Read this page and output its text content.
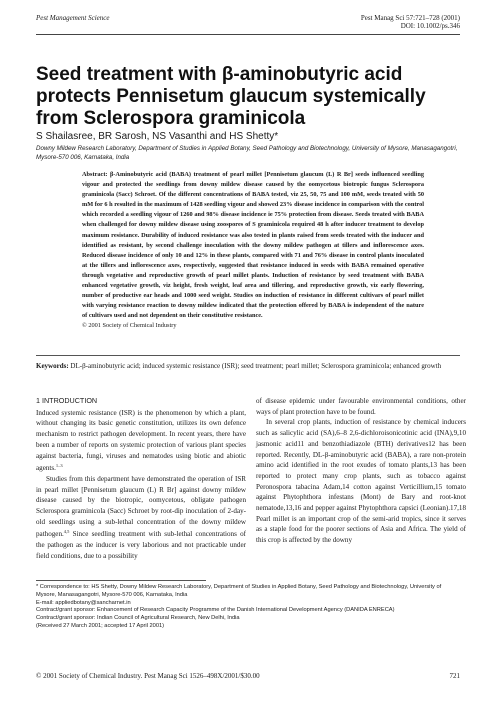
Pest Management Science	Pest Manag Sci 57:721–728 (2001)
DOI: 10.1002/ps.346
Seed treatment with β-aminobutyric acid protects Pennisetum glaucum systemically from Sclerospora graminicola
S Shailasree, BR Sarosh, NS Vasanthi and HS Shetty*
Downy Mildew Research Laboratory, Department of Studies in Applied Botany, Seed Pathology and Biotechnology, University of Mysore, Manasagangotri, Mysore-570 006, Karnataka, India
Abstract: β-Aminobutyric acid (BABA) treatment of pearl millet [Pennisetum glaucum (L) R Br] seeds influenced seedling vigour and protected the seedlings from downy mildew disease caused by the oomycetous biotropic fungus Sclerospora graminicola (Sacc) Schroet. Of the different concentrations of BABA tested, viz 25, 50, 75 and 100 mM, seeds treated with 50 mM for 6 h resulted in the maximum of 1428 seedling vigour and showed 23% disease incidence in comparison with the control which recorded a seedling vigour of 1260 and 98% disease incidence ie 75% protection from disease. Seeds treated with BABA when challenged for downy mildew disease using zoospores of S graminicola required 48 h after inducer treatment to develop maximum resistance. Durability of induced resistance was also tested in plants raised from seeds treated with the inducer and identified as resistant, by second challenge inoculation with the downy mildew pathogen at tillers and inflorescence axes. Reduced disease incidence of only 10 and 12% in these plants, compared with 71 and 76% disease in control plants inoculated at the tillers and inflorescence axes, respectively, suggested that resistance induced in seeds with BABA remained operative through vegetative and reproductive growth of pearl millet plants. Induction of resistance by seed treatment with BABA enhanced vegetative growth, viz height, fresh weight, leaf area and tillering, and reproductive growth, viz early flowering, number of productive ear heads and 1000 seed weight. Studies on induction of resistance in different cultivars of pearl millet with varying resistance reaction to downy mildew indicated that the protection offered by BABA is independent of the nature of cultivars used and not dependent on their constitutive resistance.
© 2001 Society of Chemical Industry
Keywords: DL-β-aminobutyric acid; induced systemic resistance (ISR); seed treatment; pearl millet; Sclerospora graminicola; enhanced growth
1 INTRODUCTION

Induced systemic resistance (ISR) is the phenomenon by which a plant, without changing its basic genetic constitution, utilizes its own defence mechanism to restrict pathogen development. In recent years, there have been a number of reports on systemic protection of various plant species against bacteria, fungi, viruses and nematodes using biotic and abiotic agents.$^{1-3}$

Studies from this department have demonstrated the operation of ISR in pearl millet [Pennisetum glaucum (L) R Br] against downy mildew disease caused by the biotropic, oomycetous, obligate pathogen Sclerospora graminicola (Sacc) Schroet by root-dip inoculation of 2-day-old seedlings using a sub-lethal concentration of the downy mildew pathogen.$^{4,5}$ Since seedling treatment with sub-lethal concentrations of the pathogen as the inducer is very laborious and not practicable under field conditions, due to a possibility

of disease epidemic under favourable environmental conditions, other ways of plant protection have to be found.

In several crop plants, induction of resistance by chemical inducers such as salicylic acid (SA),6–8 2,6-dichloroisonicotinic acid (INA),9,10 jasmonic acid11 and benzothiadiazole (BTH) derivatives12 has been reported. Recently, DL-β-aminobutyric acid (BABA), a rare non-protein amino acid identified in the root exudes of tomato plants,13 has been reported to protect many crop plants, such as tobacco against Peronospora tabacina Adam,14 cotton against Verticillium,15 tomato against Phytophthora infestans (Mont) de Bary and root-knot nematode,13,16 and pepper against Phytophthora capsici (Leonian).17,18 Pearl millet is an important crop of the semi-arid tropics, since it serves as a staple food for the poorer sections of Asia and Africa. The yield of this crop is affected by the downy

* Correspondence to: HS Shetty, Downy Mildew Research Laboratory, Department of Studies in Applied Botany, Seed Pathology and Biotechnology, University of Mysore, Manasagangotri, Mysore-570 006, Karnataka, India
E-mail: appliedbotany@sancharnet.in
Contract/grant sponsor: Enhancement of Research Capacity Programme of the Danish International Development Agency (DANIDA ENRECA)
Contract/grant sponsor: Indian Council of Agricultural Research, New Delhi, India
(Received 27 March 2001; accepted 17 April 2001)
© 2001 Society of Chemical Industry. Pest Manag Sci 1526–498X/2001/$30.00	721
